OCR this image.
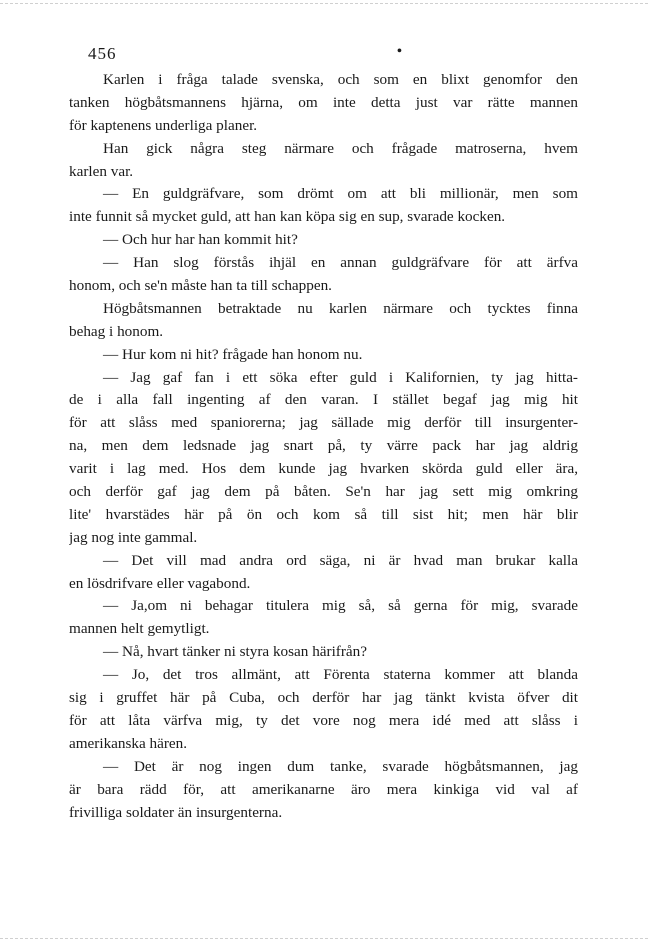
456	•
Karlen i fråga talade svenska, och som en blixt genomfor den
tanken högbåtsmannens hjärna, om inte detta just var rätte mannen
för kaptenens underliga planer.
Han gick några steg närmare och frågade matroserna, hvem
karlen var.
— En guldgräfvare, som drömt om att bli millionär, men som
inte funnit så mycket guld, att han kan köpa sig en sup, svarade kocken.
— Och hur har han kommit hit?
— Han slog förstås ihjäl en annan guldgräfvare för att ärfva
honom, och se'n måste han ta till schappen.
Högbåtsmannen betraktade nu karlen närmare och tycktes finna
behag i honom.
— Hur kom ni hit? frågade han honom nu.
— Jag gaf fan i ett söka efter guld i Kalifornien, ty jag hitta-
de i alla fall ingenting af den varan. I stället begaf jag mig hit
för att slåss med spaniorerna; jag sällade mig derför till insurgenter-
na, men dem ledsnade jag snart på, ty värre pack har jag aldrig
varit i lag med. Hos dem kunde jag hvarken skörda guld eller ära,
och derför gaf jag dem på båten. Se'n har jag sett mig omkring
lite' hvarstädes här på ön och kom så till sist hit; men här blir
jag nog inte gammal.
— Det vill mad andra ord säga, ni är hvad man brukar kalla
en lösdrifvare eller vagabond.
— Ja,om ni behagar titulera mig så, så gerna för mig, svarade
mannen helt gemytligt.
— Nå, hvart tänker ni styra kosan härifrån?
— Jo, det tros allmänt, att Förenta staterna kommer att blanda
sig i gruffet här på Cuba, och derför har jag tänkt kvista öfver dit
för att låta värfva mig, ty det vore nog mera idé med att slåss i
amerikanska hären.
— Det är nog ingen dum tanke, svarade högbåtsmannen, jag
är bara rädd för, att amerikanarne äro mera kinkiga vid val af
frivilliga soldater än insurgenterna.
